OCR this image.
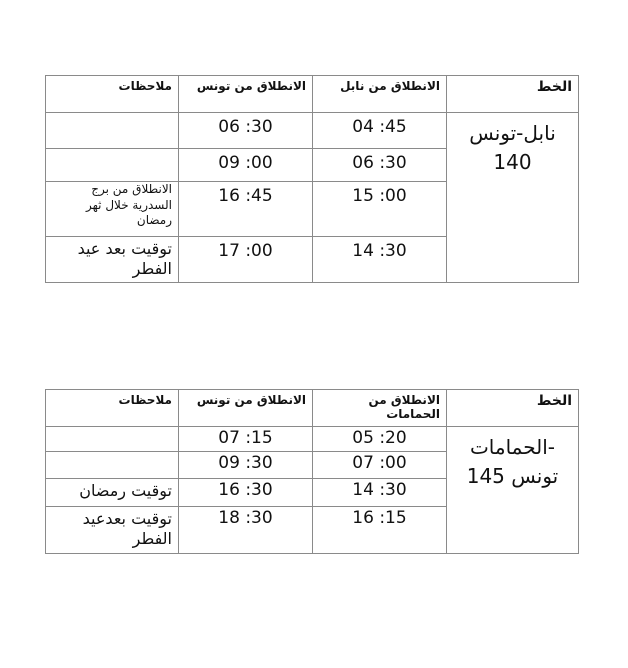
الخط	الانطلاق من نابل	الانطلاق من تونس	ملاحظات
نابل-تونس 140	04 :45	06 :30	
	06 :30	09 :00	
	15 :00	16 :45	الانطلاق من برج السدرية خلال ثهر رمضان
	14 :30	17 :00	توقيت بعد عيد الفطر
الخط	الانطلاق من الحمامات	الانطلاق من تونس	ملاحظات
-الحمامات تونس 145	05 :20	07 :15	
	07 :00	09 :30	
	14 :30	16 :30	توقيت رمضان
	16 :15	18 :30	توقيت بعدعيد الفطر
